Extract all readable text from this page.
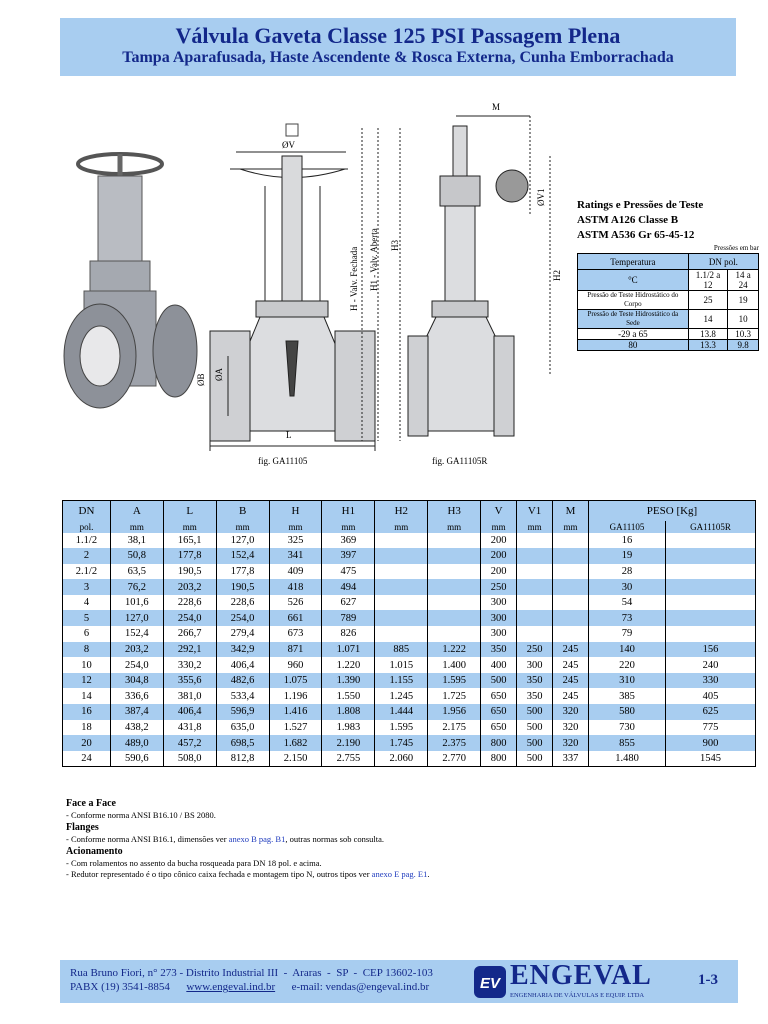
Válvula Gaveta Classe 125 PSI Passagem Plena
Tampa Aparafusada, Haste Ascendente & Rosca Externa, Cunha Emborrachada
M
ØV
ØV1
H - Valv. Fechada H1 - Valv. Aberta H3
H2
ØB ØA
L
fig. GA11105	fig. GA11105R
Ratings e Pressões de Teste
ASTM A126 Classe B
ASTM A536 Gr 65-45-12
Pressões em bar
Temperatura	DN pol.	
°C	1.1/2 a 12	14 a 24
Pressão de Teste Hidrostático do Corpo	25	19
Pressão de Teste Hidrostático da Sede	14	10
-29 a 65	13.8	10.3
80	13.3	9.8
DN	A	L	B	H	H1	H2	H3	V	V1	M	PESO [Kg]	
pol.	mm	mm	mm	mm	mm	mm	mm	mm	mm	mm	GA11105	GA11105R
1.1/2	38,1	165,1	127,0	325	369			200			16	
2	50,8	177,8	152,4	341	397			200			19	
2.1/2	63,5	190,5	177,8	409	475			200			28	
3	76,2	203,2	190,5	418	494			250			30	
4	101,6	228,6	228,6	526	627			300			54	
5	127,0	254,0	254,0	661	789			300			73	
6	152,4	266,7	279,4	673	826			300			79	
8	203,2	292,1	342,9	871	1.071	885	1.222	350	250	245	140	156
10	254,0	330,2	406,4	960	1.220	1.015	1.400	400	300	245	220	240
12	304,8	355,6	482,6	1.075	1.390	1.155	1.595	500	350	245	310	330
14	336,6	381,0	533,4	1.196	1.550	1.245	1.725	650	350	245	385	405
16	387,4	406,4	596,9	1.416	1.808	1.444	1.956	650	500	320	580	625
18	438,2	431,8	635,0	1.527	1.983	1.595	2.175	650	500	320	730	775
20	489,0	457,2	698,5	1.682	2.190	1.745	2.375	800	500	320	855	900
24	590,6	508,0	812,8	2.150	2.755	2.060	2.770	800	500	337	1.480	1545
Face a Face
- Conforme norma ANSI B16.10 / BS 2080.
Flanges
- Conforme norma ANSI B16.1, dimensões ver anexo B pag. B1, outras normas sob consulta.
Acionamento
- Com rolamentos no assento da bucha rosqueada para DN 18 pol. e acima.
- Redutor representado é o tipo cônico caixa fechada e montagem tipo N, outros tipos ver anexo E pag. E1.
Rua Bruno Fiori, n° 273 - Distrito Industrial III  -  Araras  -  SP  -  CEP 13602-103
PABX (19) 3541-8854 www.engeval.ind.br e-mail: vendas@engeval.ind.br	EV ENGEVAL
ENGENHARIA DE VÁLVULAS E EQUIP. LTDA
1-3
